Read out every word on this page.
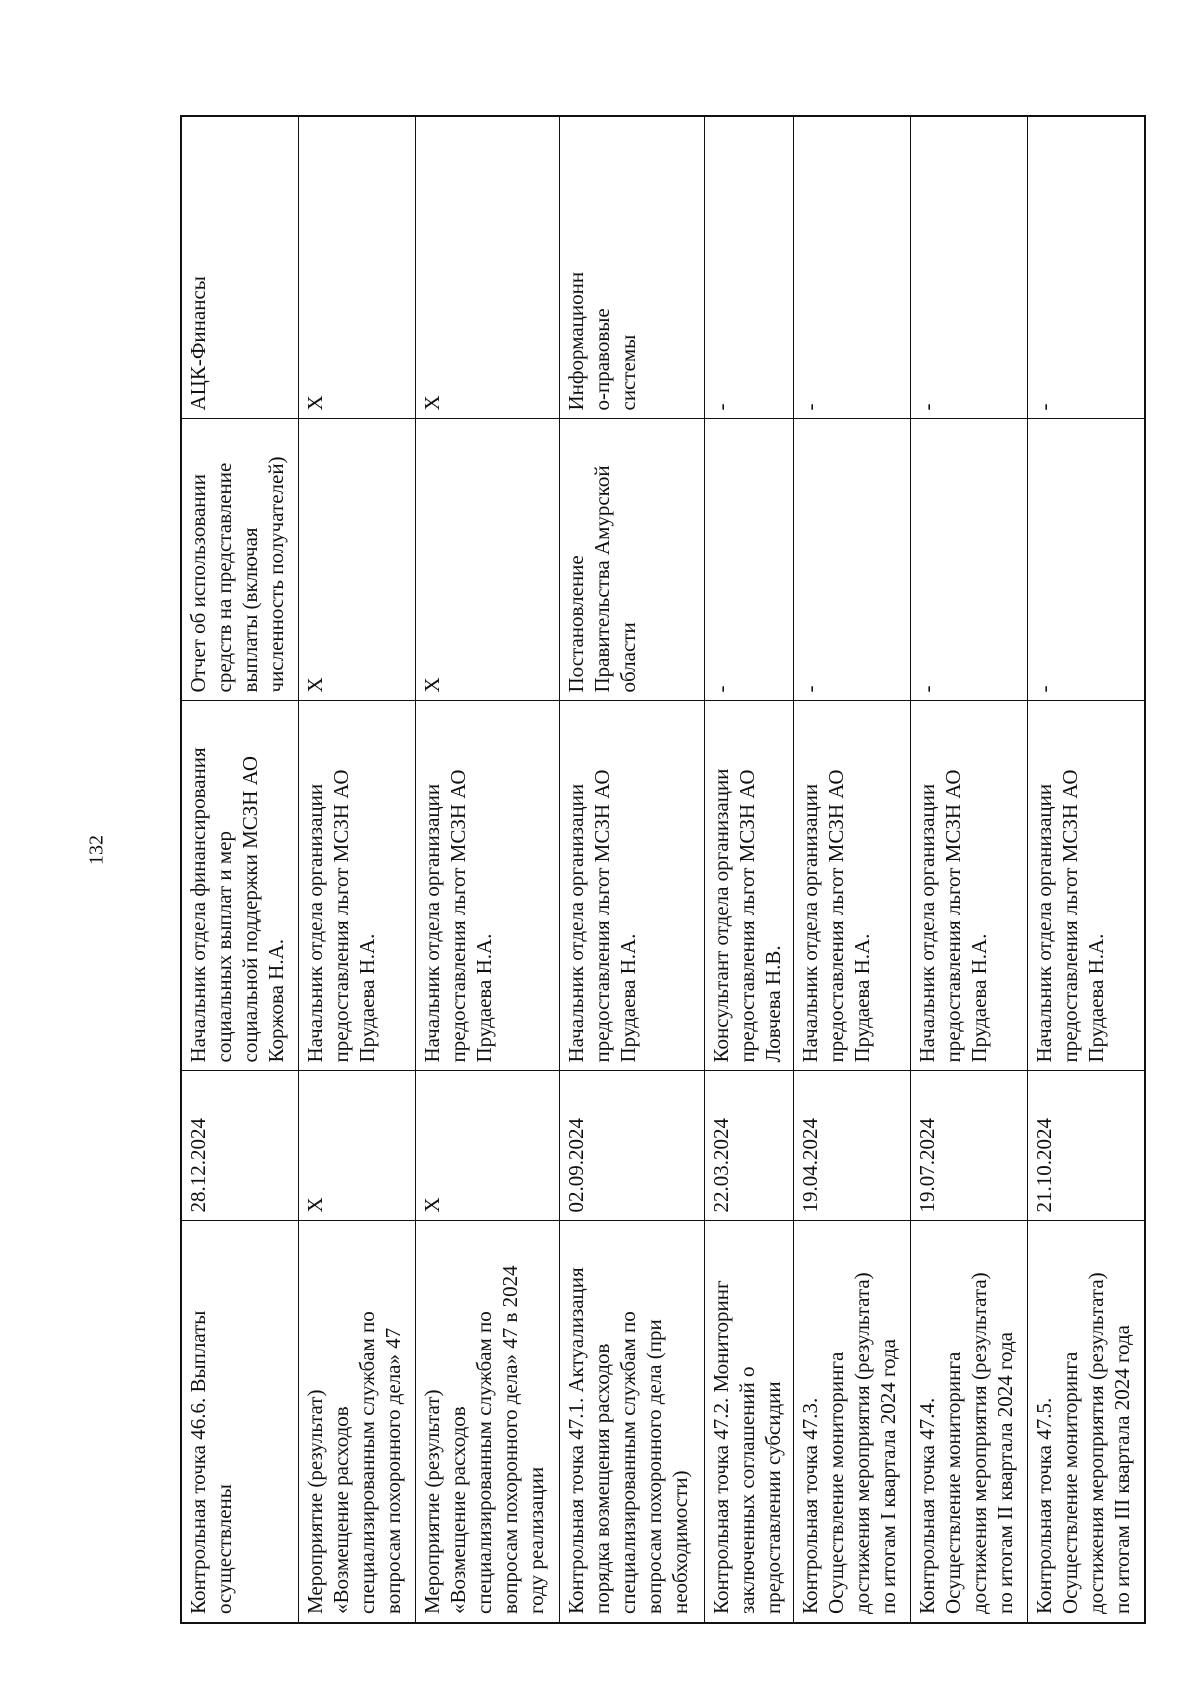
132
Контрольная точка 46.6. Выплаты
осуществлены	28.12.2024	Начальник отдела финансирования
социальных выплат и мер
социальной поддержки МСЗН АО
Коржова Н.А.	Отчет об использовании
средств на представление
выплаты (включая
численность получателей)	АЦК-Финансы
Мероприятие (результат)
«Возмещение расходов
специализированным службам по
вопросам похоронного дела» 47	X	Начальник отдела организации
предоставления льгот МСЗН АО
Прудаева Н.А.	X	X
Мероприятие (результат)
«Возмещение расходов
специализированным службам по
вопросам похоронного дела» 47 в 2024
году реализации	X	Начальник отдела организации
предоставления льгот МСЗН АО
Прудаева Н.А.	X	X
Контрольная точка 47.1. Актуализация
порядка возмещения расходов
специализированным службам по
вопросам похоронного дела (при
необходимости)	02.09.2024	Начальник отдела организации
предоставления льгот МСЗН АО
Прудаева Н.А.	Постановление
Правительства Амурской
области	Информационн
о-правовые
системы
Контрольная точка 47.2. Мониторинг
заключенных соглашений о
предоставлении субсидии	22.03.2024	Консультант отдела организации
предоставления льгот МСЗН АО
Ловчева Н.В.	-	-
Контрольная точка 47.3.
Осуществление мониторинга
достижения мероприятия (результата)
по итогам I квартала 2024 года	19.04.2024	Начальник отдела организации
предоставления льгот МСЗН АО
Прудаева Н.А.	-	-
Контрольная точка 47.4.
Осуществление мониторинга
достижения мероприятия (результата)
по итогам II квартала 2024 года	19.07.2024	Начальник отдела организации
предоставления льгот МСЗН АО
Прудаева Н.А.	-	-
Контрольная точка 47.5.
Осуществление мониторинга
достижения мероприятия (результата)
по итогам III квартала 2024 года	21.10.2024	Начальник отдела организации
предоставления льгот МСЗН АО
Прудаева Н.А.	-	-
